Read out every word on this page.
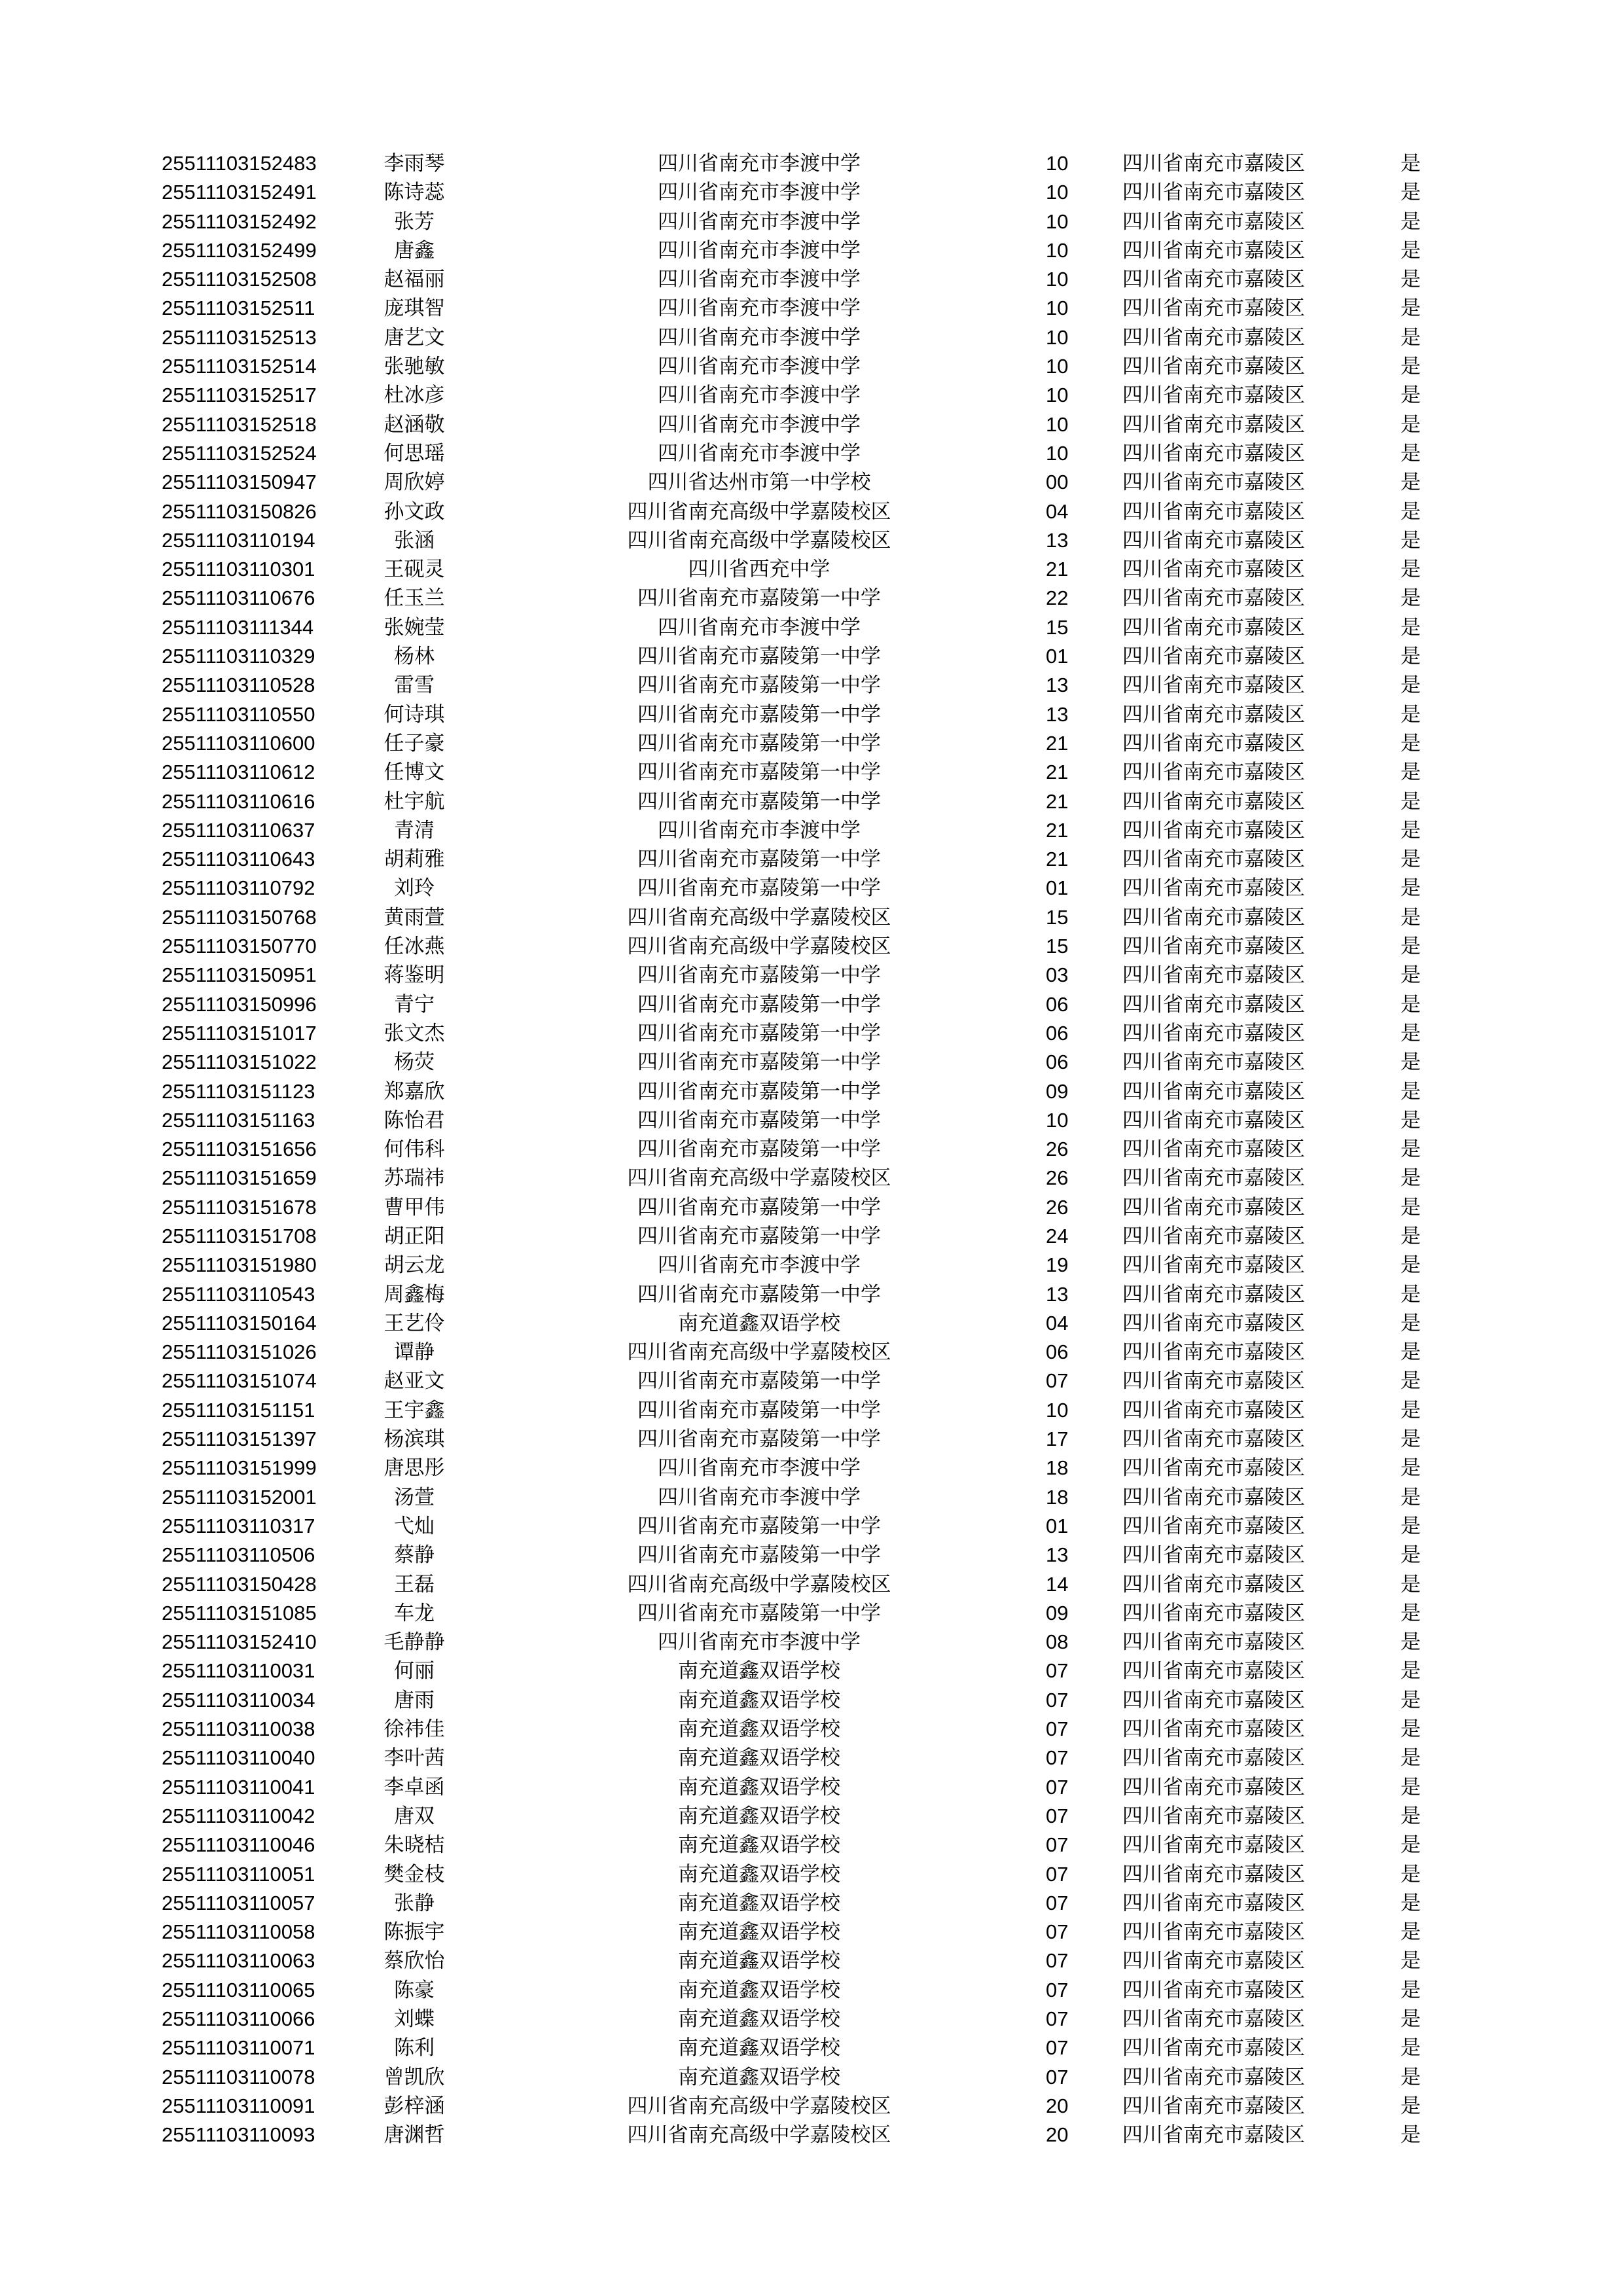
25511103152483	李雨琴	四川省南充市李渡中学	10	四川省南充市嘉陵区	是
25511103152491	陈诗蕊	四川省南充市李渡中学	10	四川省南充市嘉陵区	是
25511103152492	张芳	四川省南充市李渡中学	10	四川省南充市嘉陵区	是
25511103152499	唐鑫	四川省南充市李渡中学	10	四川省南充市嘉陵区	是
25511103152508	赵福丽	四川省南充市李渡中学	10	四川省南充市嘉陵区	是
25511103152511	庞琪智	四川省南充市李渡中学	10	四川省南充市嘉陵区	是
25511103152513	唐艺文	四川省南充市李渡中学	10	四川省南充市嘉陵区	是
25511103152514	张驰敏	四川省南充市李渡中学	10	四川省南充市嘉陵区	是
25511103152517	杜冰彦	四川省南充市李渡中学	10	四川省南充市嘉陵区	是
25511103152518	赵涵敬	四川省南充市李渡中学	10	四川省南充市嘉陵区	是
25511103152524	何思瑶	四川省南充市李渡中学	10	四川省南充市嘉陵区	是
25511103150947	周欣婷	四川省达州市第一中学校	00	四川省南充市嘉陵区	是
25511103150826	孙文政	四川省南充高级中学嘉陵校区	04	四川省南充市嘉陵区	是
25511103110194	张涵	四川省南充高级中学嘉陵校区	13	四川省南充市嘉陵区	是
25511103110301	王砚灵	四川省西充中学	21	四川省南充市嘉陵区	是
25511103110676	任玉兰	四川省南充市嘉陵第一中学	22	四川省南充市嘉陵区	是
25511103111344	张婉莹	四川省南充市李渡中学	15	四川省南充市嘉陵区	是
25511103110329	杨林	四川省南充市嘉陵第一中学	01	四川省南充市嘉陵区	是
25511103110528	雷雪	四川省南充市嘉陵第一中学	13	四川省南充市嘉陵区	是
25511103110550	何诗琪	四川省南充市嘉陵第一中学	13	四川省南充市嘉陵区	是
25511103110600	任子豪	四川省南充市嘉陵第一中学	21	四川省南充市嘉陵区	是
25511103110612	任博文	四川省南充市嘉陵第一中学	21	四川省南充市嘉陵区	是
25511103110616	杜宇航	四川省南充市嘉陵第一中学	21	四川省南充市嘉陵区	是
25511103110637	青清	四川省南充市李渡中学	21	四川省南充市嘉陵区	是
25511103110643	胡莉雅	四川省南充市嘉陵第一中学	21	四川省南充市嘉陵区	是
25511103110792	刘玲	四川省南充市嘉陵第一中学	01	四川省南充市嘉陵区	是
25511103150768	黄雨萱	四川省南充高级中学嘉陵校区	15	四川省南充市嘉陵区	是
25511103150770	任冰燕	四川省南充高级中学嘉陵校区	15	四川省南充市嘉陵区	是
25511103150951	蒋鉴明	四川省南充市嘉陵第一中学	03	四川省南充市嘉陵区	是
25511103150996	青宁	四川省南充市嘉陵第一中学	06	四川省南充市嘉陵区	是
25511103151017	张文杰	四川省南充市嘉陵第一中学	06	四川省南充市嘉陵区	是
25511103151022	杨荧	四川省南充市嘉陵第一中学	06	四川省南充市嘉陵区	是
25511103151123	郑嘉欣	四川省南充市嘉陵第一中学	09	四川省南充市嘉陵区	是
25511103151163	陈怡君	四川省南充市嘉陵第一中学	10	四川省南充市嘉陵区	是
25511103151656	何伟科	四川省南充市嘉陵第一中学	26	四川省南充市嘉陵区	是
25511103151659	苏瑞祎	四川省南充高级中学嘉陵校区	26	四川省南充市嘉陵区	是
25511103151678	曹甲伟	四川省南充市嘉陵第一中学	26	四川省南充市嘉陵区	是
25511103151708	胡正阳	四川省南充市嘉陵第一中学	24	四川省南充市嘉陵区	是
25511103151980	胡云龙	四川省南充市李渡中学	19	四川省南充市嘉陵区	是
25511103110543	周鑫梅	四川省南充市嘉陵第一中学	13	四川省南充市嘉陵区	是
25511103150164	王艺伶	南充道鑫双语学校	04	四川省南充市嘉陵区	是
25511103151026	谭静	四川省南充高级中学嘉陵校区	06	四川省南充市嘉陵区	是
25511103151074	赵亚文	四川省南充市嘉陵第一中学	07	四川省南充市嘉陵区	是
25511103151151	王宇鑫	四川省南充市嘉陵第一中学	10	四川省南充市嘉陵区	是
25511103151397	杨滨琪	四川省南充市嘉陵第一中学	17	四川省南充市嘉陵区	是
25511103151999	唐思彤	四川省南充市李渡中学	18	四川省南充市嘉陵区	是
25511103152001	汤萱	四川省南充市李渡中学	18	四川省南充市嘉陵区	是
25511103110317	弋灿	四川省南充市嘉陵第一中学	01	四川省南充市嘉陵区	是
25511103110506	蔡静	四川省南充市嘉陵第一中学	13	四川省南充市嘉陵区	是
25511103150428	王磊	四川省南充高级中学嘉陵校区	14	四川省南充市嘉陵区	是
25511103151085	车龙	四川省南充市嘉陵第一中学	09	四川省南充市嘉陵区	是
25511103152410	毛静静	四川省南充市李渡中学	08	四川省南充市嘉陵区	是
25511103110031	何丽	南充道鑫双语学校	07	四川省南充市嘉陵区	是
25511103110034	唐雨	南充道鑫双语学校	07	四川省南充市嘉陵区	是
25511103110038	徐祎佳	南充道鑫双语学校	07	四川省南充市嘉陵区	是
25511103110040	李叶茜	南充道鑫双语学校	07	四川省南充市嘉陵区	是
25511103110041	李卓函	南充道鑫双语学校	07	四川省南充市嘉陵区	是
25511103110042	唐双	南充道鑫双语学校	07	四川省南充市嘉陵区	是
25511103110046	朱晓桔	南充道鑫双语学校	07	四川省南充市嘉陵区	是
25511103110051	樊金枝	南充道鑫双语学校	07	四川省南充市嘉陵区	是
25511103110057	张静	南充道鑫双语学校	07	四川省南充市嘉陵区	是
25511103110058	陈振宇	南充道鑫双语学校	07	四川省南充市嘉陵区	是
25511103110063	蔡欣怡	南充道鑫双语学校	07	四川省南充市嘉陵区	是
25511103110065	陈豪	南充道鑫双语学校	07	四川省南充市嘉陵区	是
25511103110066	刘蝶	南充道鑫双语学校	07	四川省南充市嘉陵区	是
25511103110071	陈利	南充道鑫双语学校	07	四川省南充市嘉陵区	是
25511103110078	曾凯欣	南充道鑫双语学校	07	四川省南充市嘉陵区	是
25511103110091	彭梓涵	四川省南充高级中学嘉陵校区	20	四川省南充市嘉陵区	是
25511103110093	唐渊哲	四川省南充高级中学嘉陵校区	20	四川省南充市嘉陵区	是
